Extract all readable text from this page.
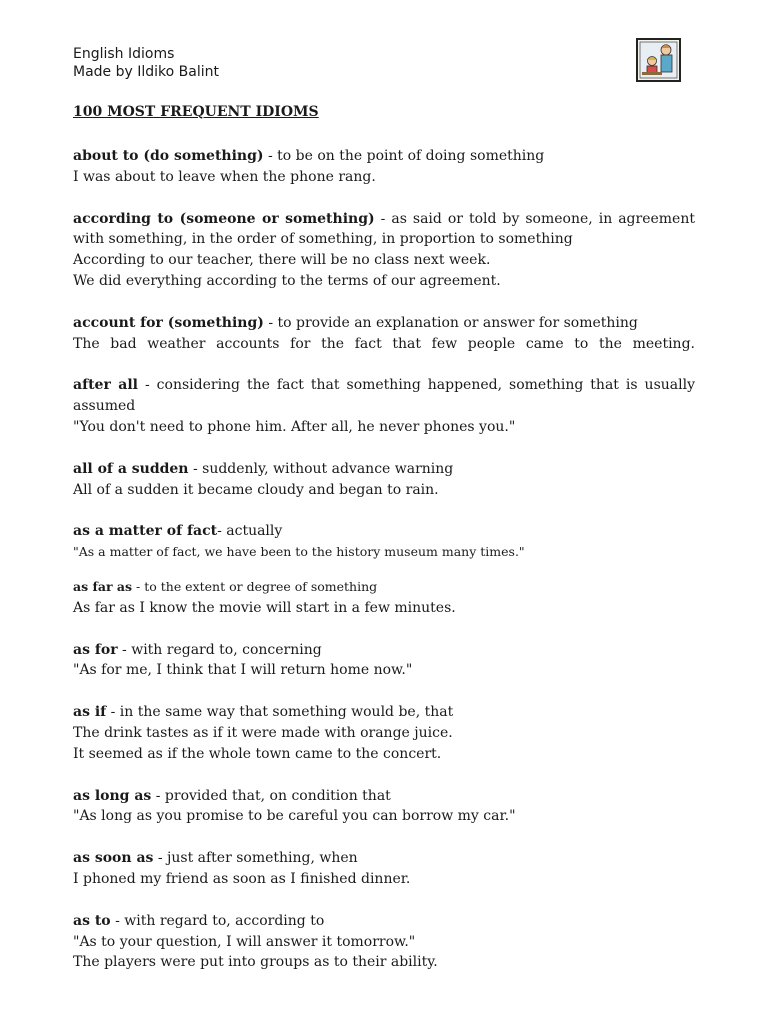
English Idioms
Made by Ildiko Balint
100 MOST FREQUENT IDIOMS
about to (do something) - to be on the point of doing something
I was about to leave when the phone rang.
according to (someone or something) - as said or told by someone, in agreement with something, in the order of something, in proportion to something
According to our teacher, there will be no class next week.
We did everything according to the terms of our agreement.
account for (something) - to provide an explanation or answer for something
The bad weather accounts for the fact that few people came to the meeting.
after all - considering the fact that something happened, something that is usually assumed
"You don't need to phone him. After all, he never phones you."
all of a sudden - suddenly, without advance warning
All of a sudden it became cloudy and began to rain.
as a matter of fact- actually
"As a matter of fact, we have been to the history museum many times."
as far as - to the extent or degree of something
As far as I know the movie will start in a few minutes.
as for - with regard to, concerning
"As for me, I think that I will return home now."
as if - in the same way that something would be, that
The drink tastes as if it were made with orange juice.
It seemed as if the whole town came to the concert.
as long as - provided that, on condition that
"As long as you promise to be careful you can borrow my car."
as soon as - just after something, when
I phoned my friend as soon as I finished dinner.
as to - with regard to, according to
"As to your question, I will answer it tomorrow."
The players were put into groups as to their ability.
